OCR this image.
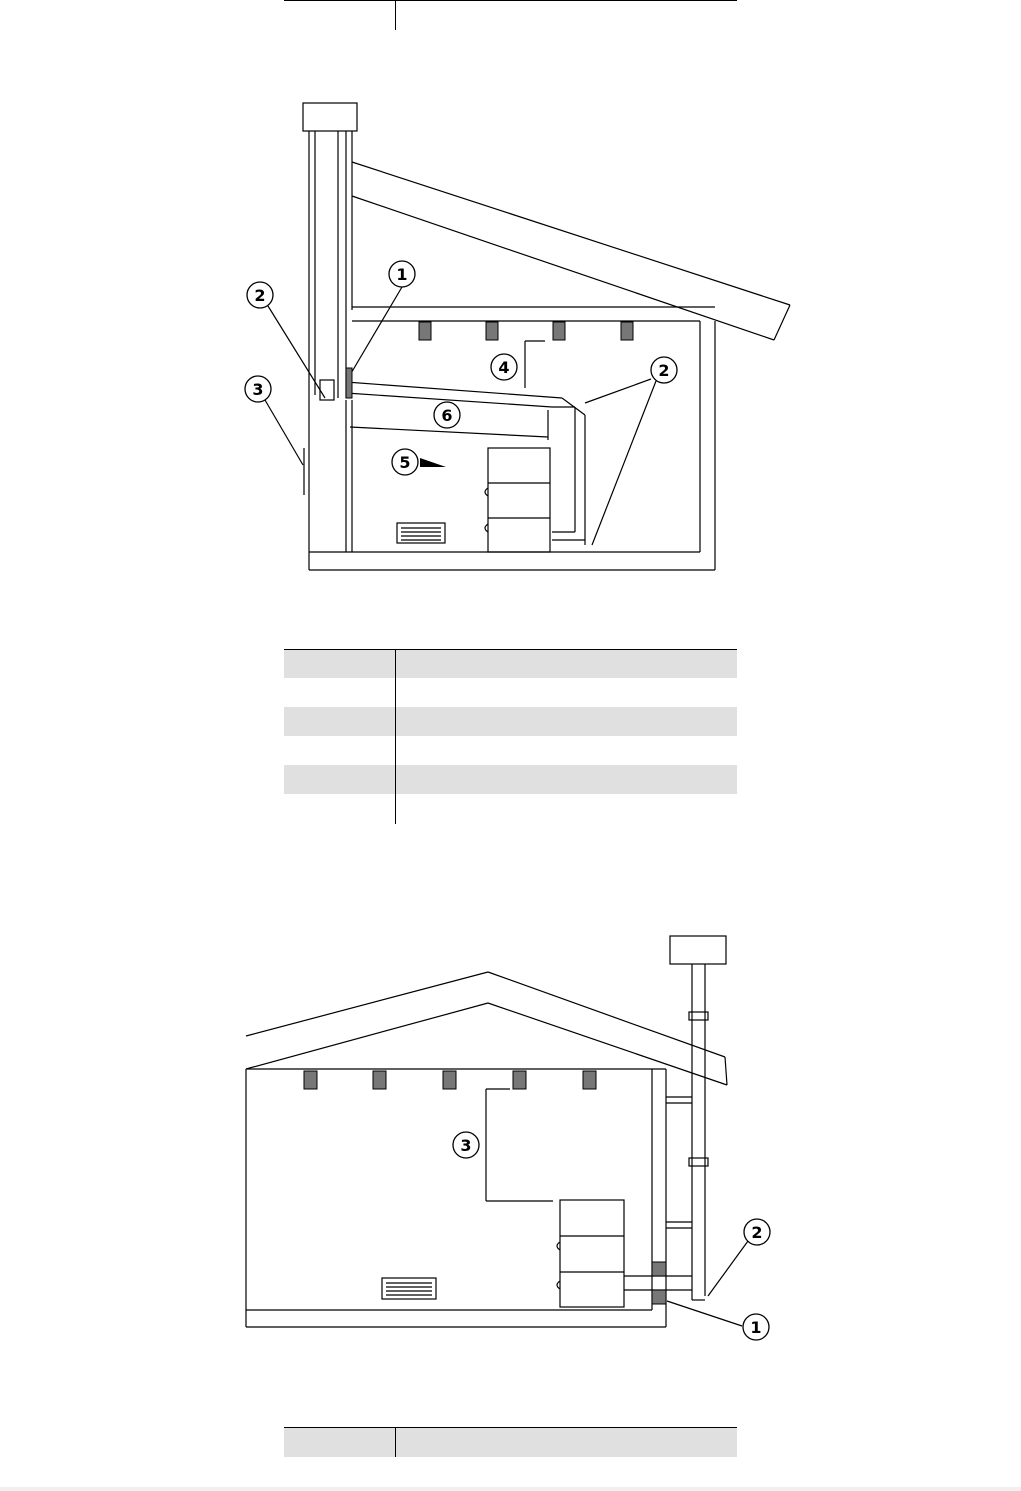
1
2
3
2
4
6
5
3
2
1
